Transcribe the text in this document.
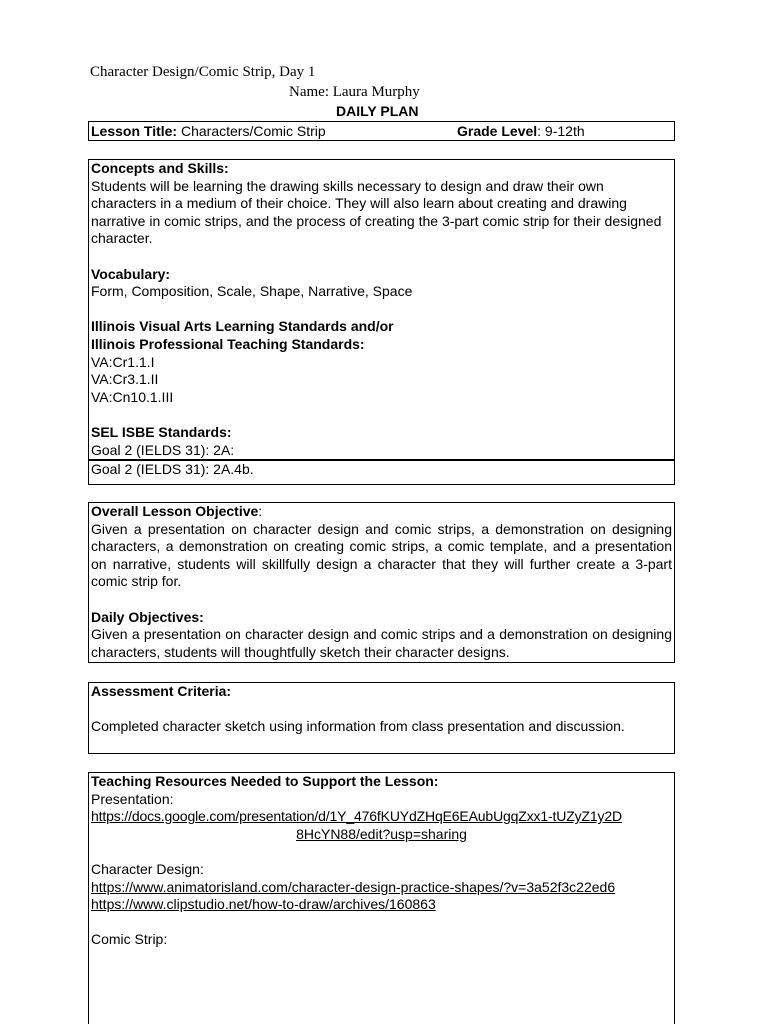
Character Design/Comic Strip, Day 1
Name: Laura Murphy
DAILY PLAN
Lesson Title: Characters/Comic Strip	Grade Level: 9-12th

Concepts and Skills:

Students will be learning the drawing skills necessary to design and draw their own characters in a medium of their choice. They will also learn about creating and drawing narrative in comic strips, and the process of creating the 3-part comic strip for their designed character.

Vocabulary:

Form, Composition, Scale, Shape, Narrative, Space

Illinois Visual Arts Learning Standards and/or

Illinois Professional Teaching Standards:

VA:Cr1.1.I

VA:Cr3.1.II

VA:Cn10.1.III

SEL ISBE Standards:

Goal 2 (IELDS 31): 2A:

Goal 2 (IELDS 31): 2A.4b.

Overall Lesson Objective:

Given a presentation on character design and comic strips, a demonstration on designing characters, a demonstration on creating comic strips, a comic template, and a presentation on narrative, students will skillfully design a character that they will further create a 3-part comic strip for.

Daily Objectives:

Given a presentation on character design and comic strips and a demonstration on designing characters, students will thoughtfully sketch their character designs.

Assessment Criteria:

Completed character sketch using information from class presentation and discussion.

Teaching Resources Needed to Support the Lesson:

Presentation:

https://docs.google.com/presentation/d/1Y_476fKUYdZHqE6EAubUgqZxx1-tUZyZ1y2D

8HcYN88/edit?usp=sharing

Character Design:

https://www.animatorisland.com/character-design-practice-shapes/?v=3a52f3c22ed6

https://www.clipstudio.net/how-to-draw/archives/160863

Comic Strip:
